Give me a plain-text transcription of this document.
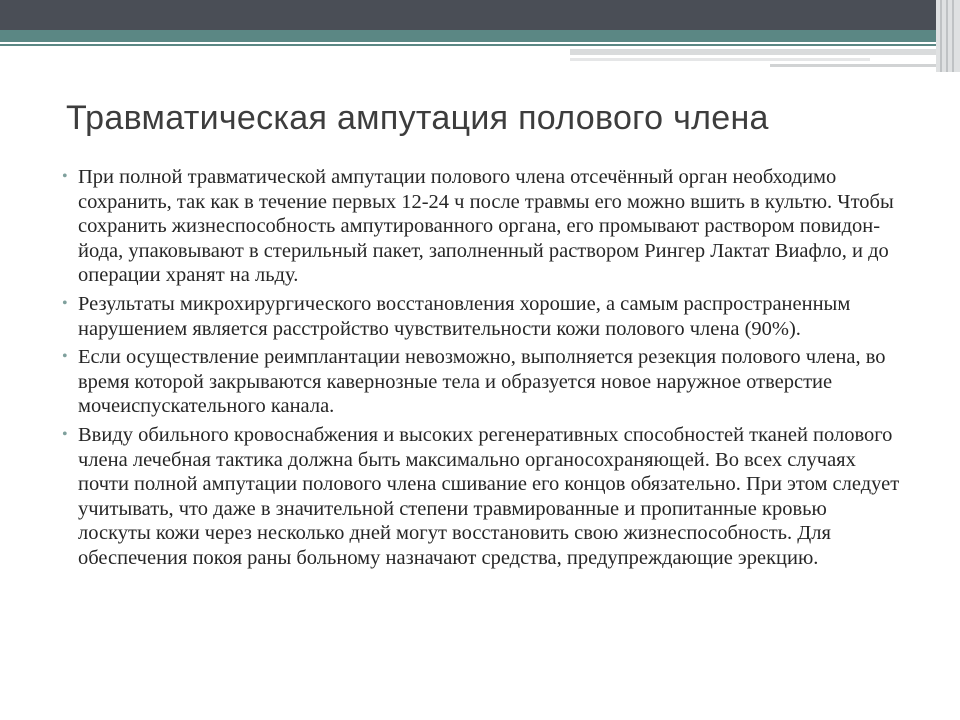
Травматическая ампутация полового члена
• При полной травматической ампутации полового члена отсечённый орган необходимо сохранить, так как в течение первых 12-24 ч после травмы его можно вшить в культю. Чтобы сохранить жизнеспособность ампутированного органа, его промывают раствором повидон-йода, упаковывают в стерильный пакет, заполненный раствором Рингер Лактат Виафло, и до операции хранят на льду.
• Результаты микрохирургического восстановления хорошие, а самым распространенным нарушением является расстройство чувствительности кожи полового члена (90%).
• Если осуществление реимплантации невозможно, выполняется резекция полового члена, во время которой закрываются кавернозные тела и образуется новое наружное отверстие мочеиспускательного канала.
• Ввиду обильного кровоснабжения и высоких регенеративных способностей тканей полового члена лечебная тактика должна быть максимально органосохраняющей. Во всех случаях почти полной ампутации полового члена сшивание его концов обязательно. При этом следует учитывать, что даже в значительной степени травмированные и пропитанные кровью лоскуты кожи через несколько дней могут восстановить свою жизнеспособность. Для обеспечения покоя раны больному назначают средства, предупреждающие эрекцию.
